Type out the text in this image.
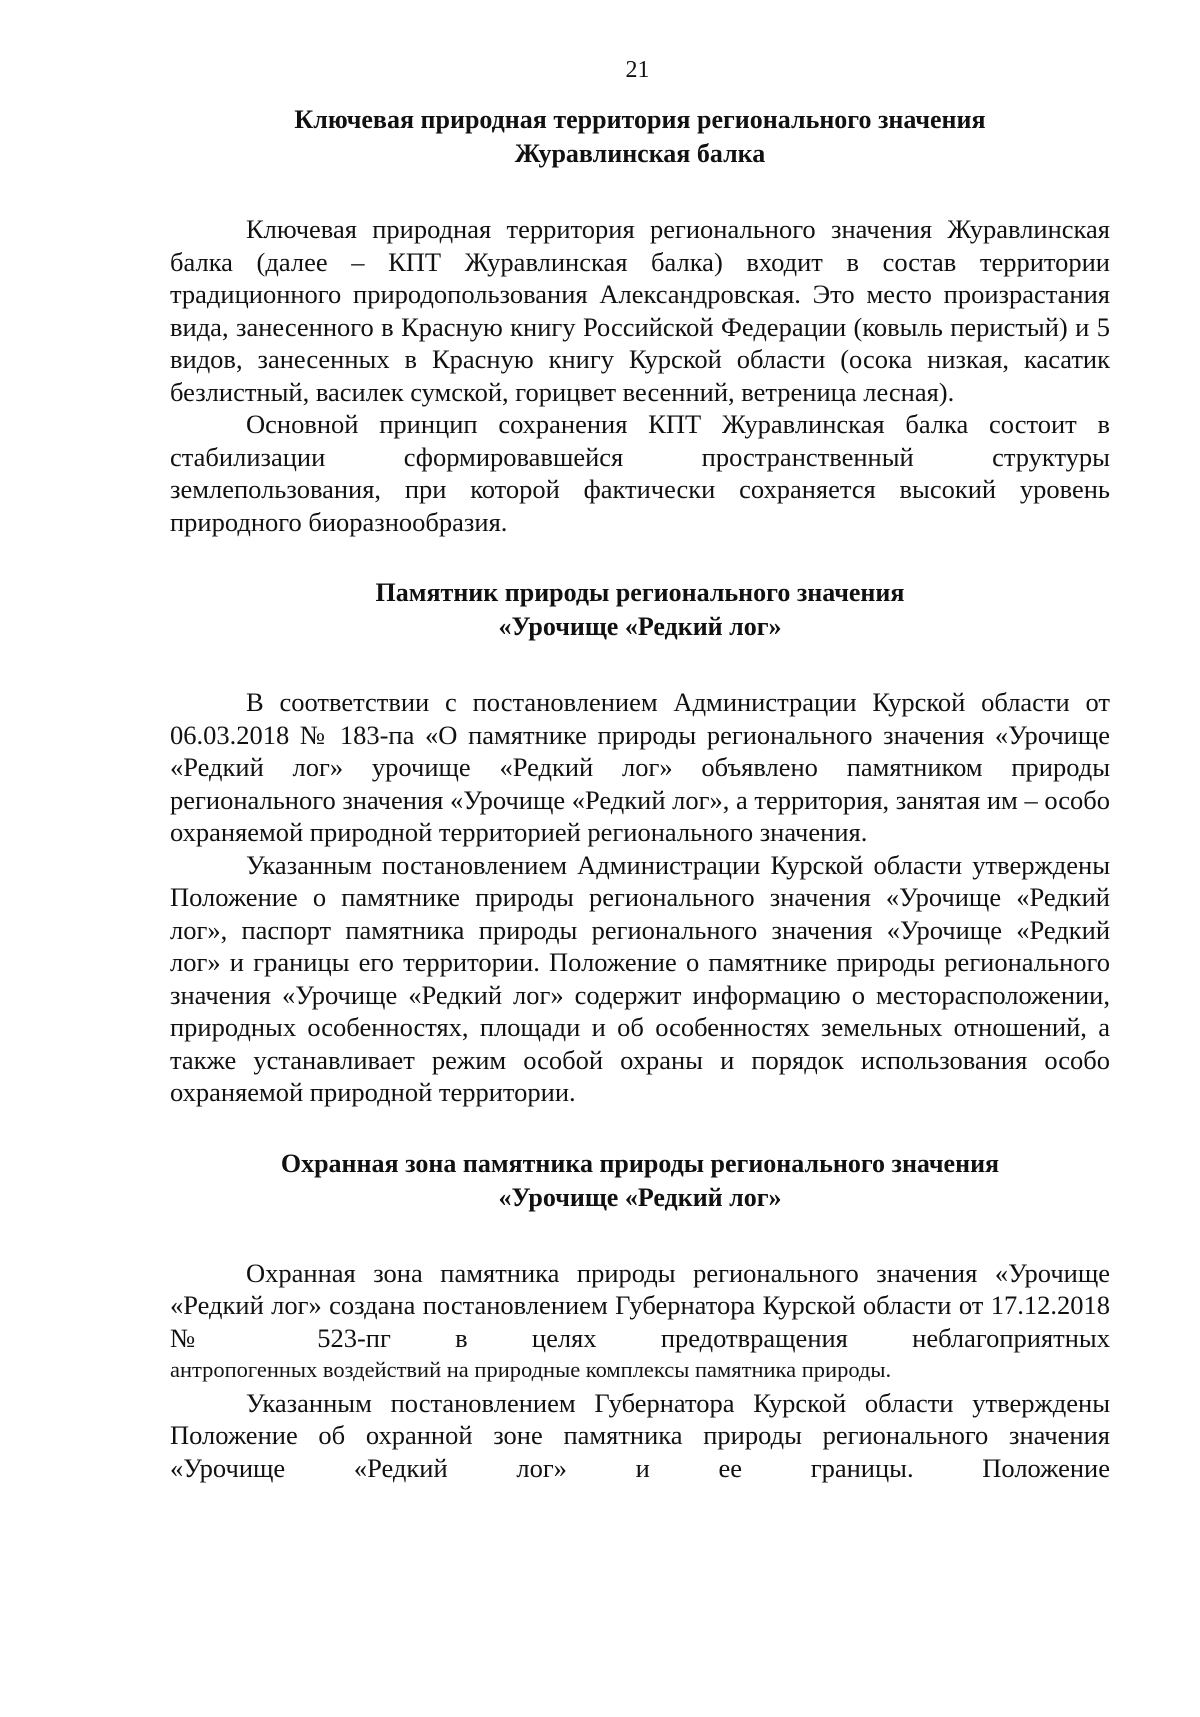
21

Ключевая природная территория регионального значения

Журавлинская балка

Ключевая природная территория регионального значения Журавлинская балка (далее – КПТ Журавлинская балка) входит в состав территории традиционного природопользования Александровская. Это место произрастания вида, занесенного в Красную книгу Российской Федерации (ковыль перистый) и 5 видов, занесенных в Красную книгу Курской области (осока низкая, касатик безлистный, василек сумской, горицвет весенний, ветреница лесная).

Основной принцип сохранения КПТ Журавлинская балка состоит в стабилизации сформировавшейся пространственный структуры землепользования, при которой фактически сохраняется высокий уровень природного биоразнообразия.

Памятник природы регионального значения

«Урочище «Редкий лог»

В соответствии с постановлением Администрации Курской области от 06.03.2018 № 183-па «О памятнике природы регионального значения «Урочище «Редкий лог» урочище «Редкий лог» объявлено памятником природы регионального значения «Урочище «Редкий лог», а территория, занятая им – особо охраняемой природной территорией регионального значения.

Указанным постановлением Администрации Курской области утверждены Положение о памятнике природы регионального значения «Урочище «Редкий лог», паспорт памятника природы регионального значения «Урочище «Редкий лог» и границы его территории. Положение о памятнике природы регионального значения «Урочище «Редкий лог» содержит информацию о месторасположении, природных особенностях, площади и об особенностях земельных отношений, а также устанавливает режим особой охраны и порядок использования особо охраняемой природной территории.

Охранная зона памятника природы регионального значения

«Урочище «Редкий лог»

Охранная зона памятника природы регионального значения «Урочище «Редкий лог» создана постановлением Губернатора Курской области от 17.12.2018 № 523-пг в целях предотвращения неблагоприятных

антропогенных воздействий на природные комплексы памятника природы.

Указанным постановлением Губернатора Курской области утверждены Положение об охранной зоне памятника природы регионального значения «Урочище «Редкий лог» и ее границы. Положение
